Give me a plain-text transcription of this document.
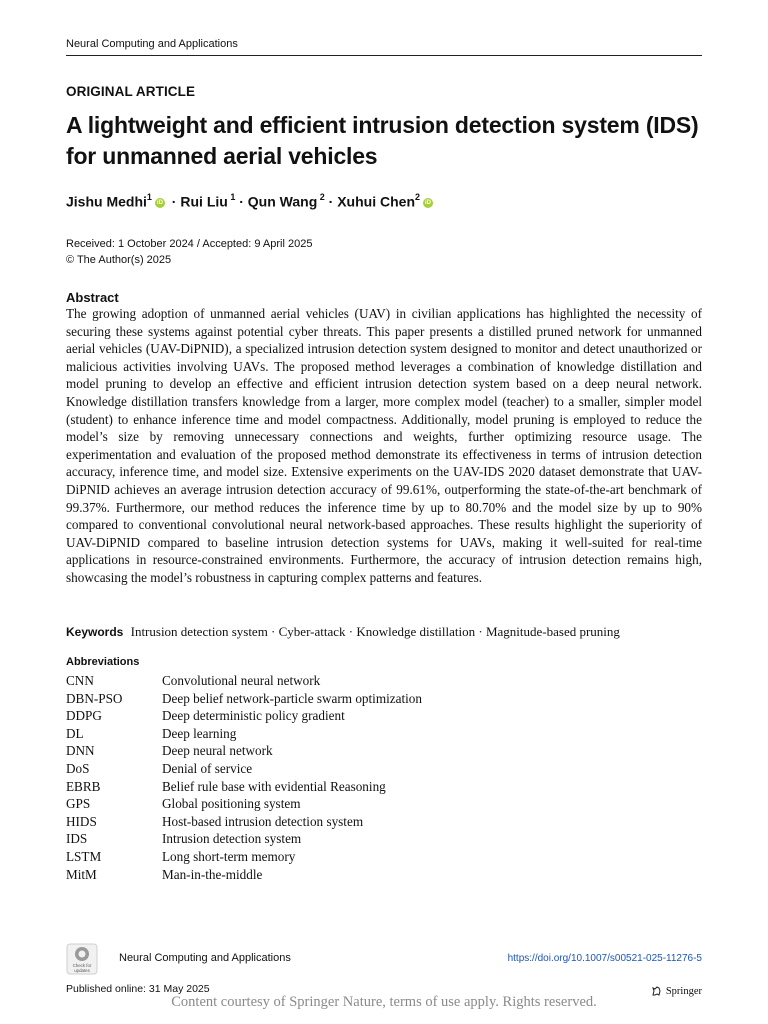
Neural Computing and Applications
ORIGINAL ARTICLE
A lightweight and efficient intrusion detection system (IDS) for unmanned aerial vehicles
Jishu Medhi$^1$iD · Rui Liu $^1$ · Qun Wang $^2$ · Xuhui Chen$^2$iD
Received: 1 October 2024 / Accepted: 9 April 2025
© The Author(s) 2025
Abstract
The growing adoption of unmanned aerial vehicles (UAV) in civilian applications has highlighted the necessity of securing these systems against potential cyber threats. This paper presents a distilled pruned network for unmanned aerial vehicles (UAV-DiPNID), a specialized intrusion detection system designed to monitor and detect unauthorized or malicious activities involving UAVs. The proposed method leverages a combination of knowledge distillation and model pruning to develop an effective and efficient intrusion detection system based on a deep neural network. Knowledge distillation transfers knowledge from a larger, more complex model (teacher) to a smaller, simpler model (student) to enhance inference time and model compactness. Additionally, model pruning is employed to reduce the model’s size by removing unnecessary connections and weights, further optimizing resource usage. The experimentation and evaluation of the proposed method demonstrate its effectiveness in terms of intrusion detection accuracy, inference time, and model size. Extensive experiments on the UAV-IDS 2020 dataset demonstrate that UAV-DiPNID achieves an average intrusion detection accuracy of 99.61%, outperforming the state-of-the-art benchmark of 99.37%. Furthermore, our method reduces the inference time by up to 80.70% and the model size by up to 90% compared to conventional convolutional neural network-based approaches. These results highlight the superiority of UAV-DiPNID compared to baseline intrusion detection systems for UAVs, making it well-suited for real-time applications in resource-constrained environments. Furthermore, the accuracy of intrusion detection remains high, showcasing the model’s robustness in capturing complex patterns and features.
Keywords Intrusion detection system · Cyber-attack · Knowledge distillation · Magnitude-based pruning
Abbreviations
CNN	Convolutional neural network
DBN-PSO	Deep belief network-particle swarm optimization
DDPG	Deep deterministic policy gradient
DL	Deep learning
DNN	Deep neural network
DoS	Denial of service
EBRB	Belief rule base with evidential Reasoning
GPS	Global positioning system
HIDS	Host-based intrusion detection system
IDS	Intrusion detection system
LSTM	Long short-term memory
MitM	Man-in-the-middle
Check for
updates
Neural Computing and Applications	https://doi.org/10.1007/s00521-025-11276-5
Published online: 31 May 2025	Springer
Content courtesy of Springer Nature, terms of use apply. Rights reserved.
